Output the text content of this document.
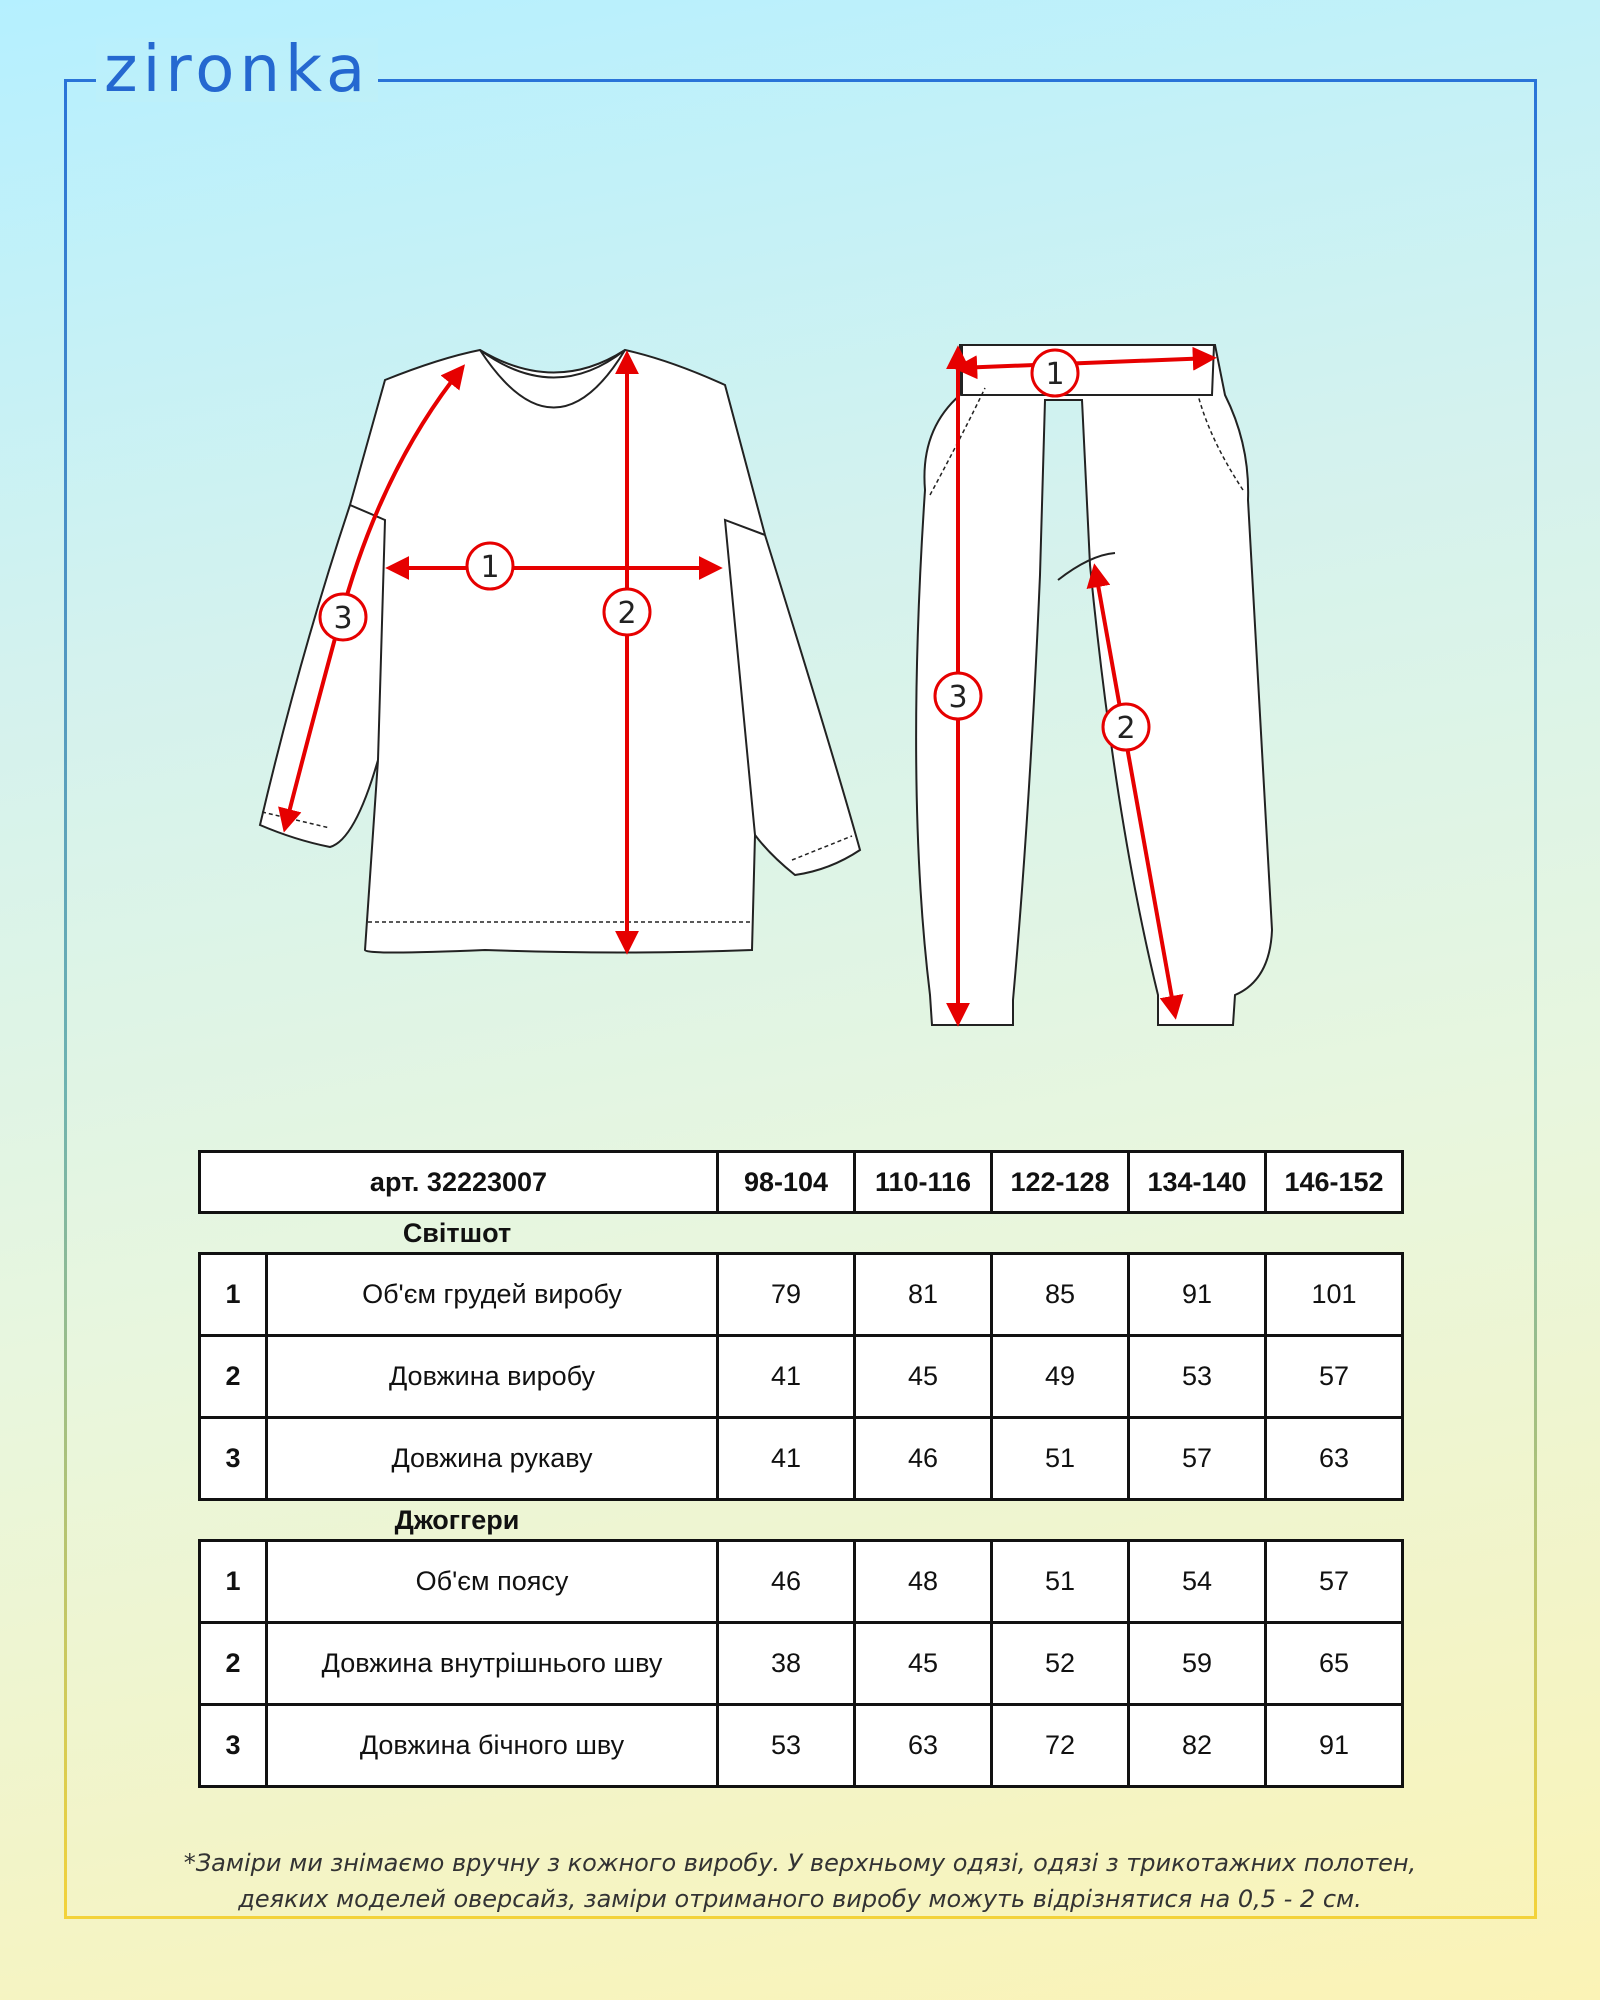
zironka
1
2
3
1
2
3
арт. 32223007	98-104	110-116	122-128	134-140	146-152
Світшот
1	Об'єм грудей виробу	79	81	85	91	101
2	Довжина виробу	41	45	49	53	57
3	Довжина рукаву	41	46	51	57	63
Джоггери
1	Об'єм поясу	46	48	51	54	57
2	Довжина внутрішнього шву	38	45	52	59	65
3	Довжина бічного шву	53	63	72	82	91
*Заміри ми знімаємо вручну з кожного виробу. У верхньому одязі, одязі з трикотажних полотен,
деяких моделей оверсайз, заміри отриманого виробу можуть відрізнятися на 0,5 - 2 см.
